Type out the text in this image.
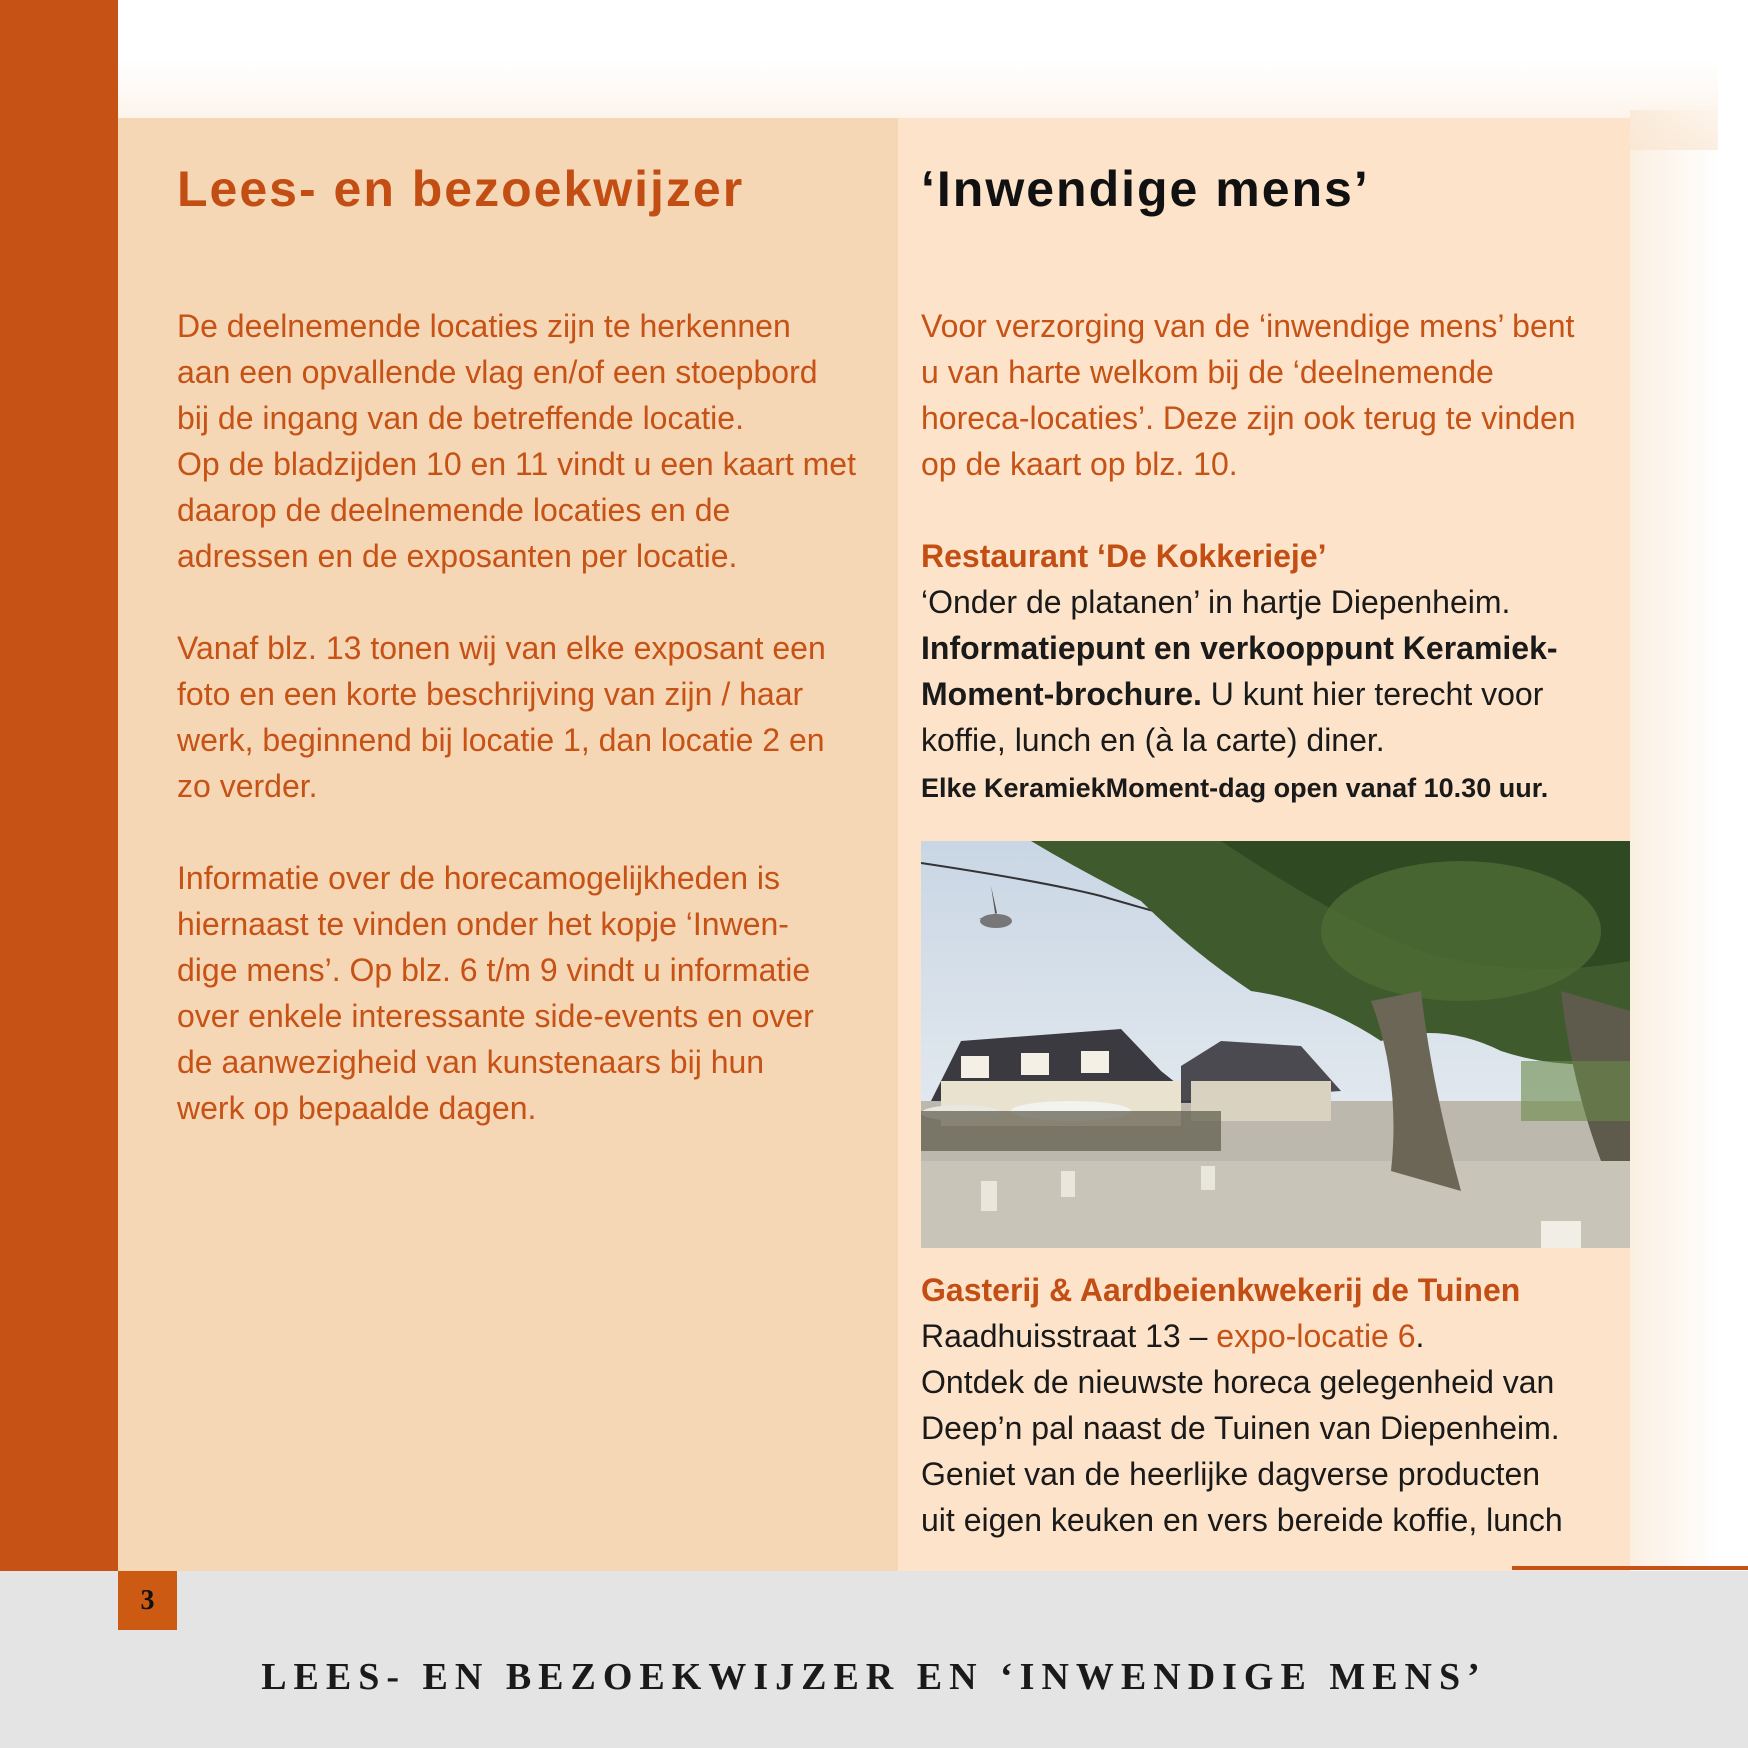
Lees- en bezoekwijzer	‘Inwendige mens’

De deelnemende locaties zijn te herkennen
aan een opvallende vlag en/of een stoepbord
bij de ingang van de betreffende locatie.
Op de bladzijden 10 en 11 vindt u een kaart met
daarop de deelnemende locaties en de
adressen en de exposanten per locatie.

Vanaf blz. 13 tonen wij van elke exposant een
foto en een korte beschrijving van zijn / haar
werk, beginnend bij locatie 1, dan locatie 2 en
zo verder.

Informatie over de horecamogelijkheden is
hiernaast te vinden onder het kopje ‘Inwen-
dige mens’. Op blz. 6 t/m 9 vindt u informatie
over enkele interessante side-events en over
de aanwezigheid van kunstenaars bij hun
werk op bepaalde dagen.

Voor verzorging van de ‘inwendige mens’ bent
u van harte welkom bij de ‘deelnemende
horeca-locaties’. Deze zijn ook terug te vinden
op de kaart op blz. 10.

Restaurant ‘De Kokkerieje’
‘Onder de platanen’ in hartje Diepenheim.
Informatiepunt en verkooppunt Keramiek-
Moment-brochure. U kunt hier terecht voor
koffie, lunch en (à la carte) diner.
Elke KeramiekMoment-dag open vanaf 10.30 uur.

Gasterij & Aardbeienkwekerij de Tuinen
Raadhuisstraat 13 – expo-locatie 6.
Ontdek de nieuwste horeca gelegenheid van
Deep’n pal naast de Tuinen van Diepenheim.
Geniet van de heerlijke dagverse producten
uit eigen keuken en vers bereide koffie, lunch

3
LEES- EN BEZOEKWIJZER EN ‘INWENDIGE MENS’
